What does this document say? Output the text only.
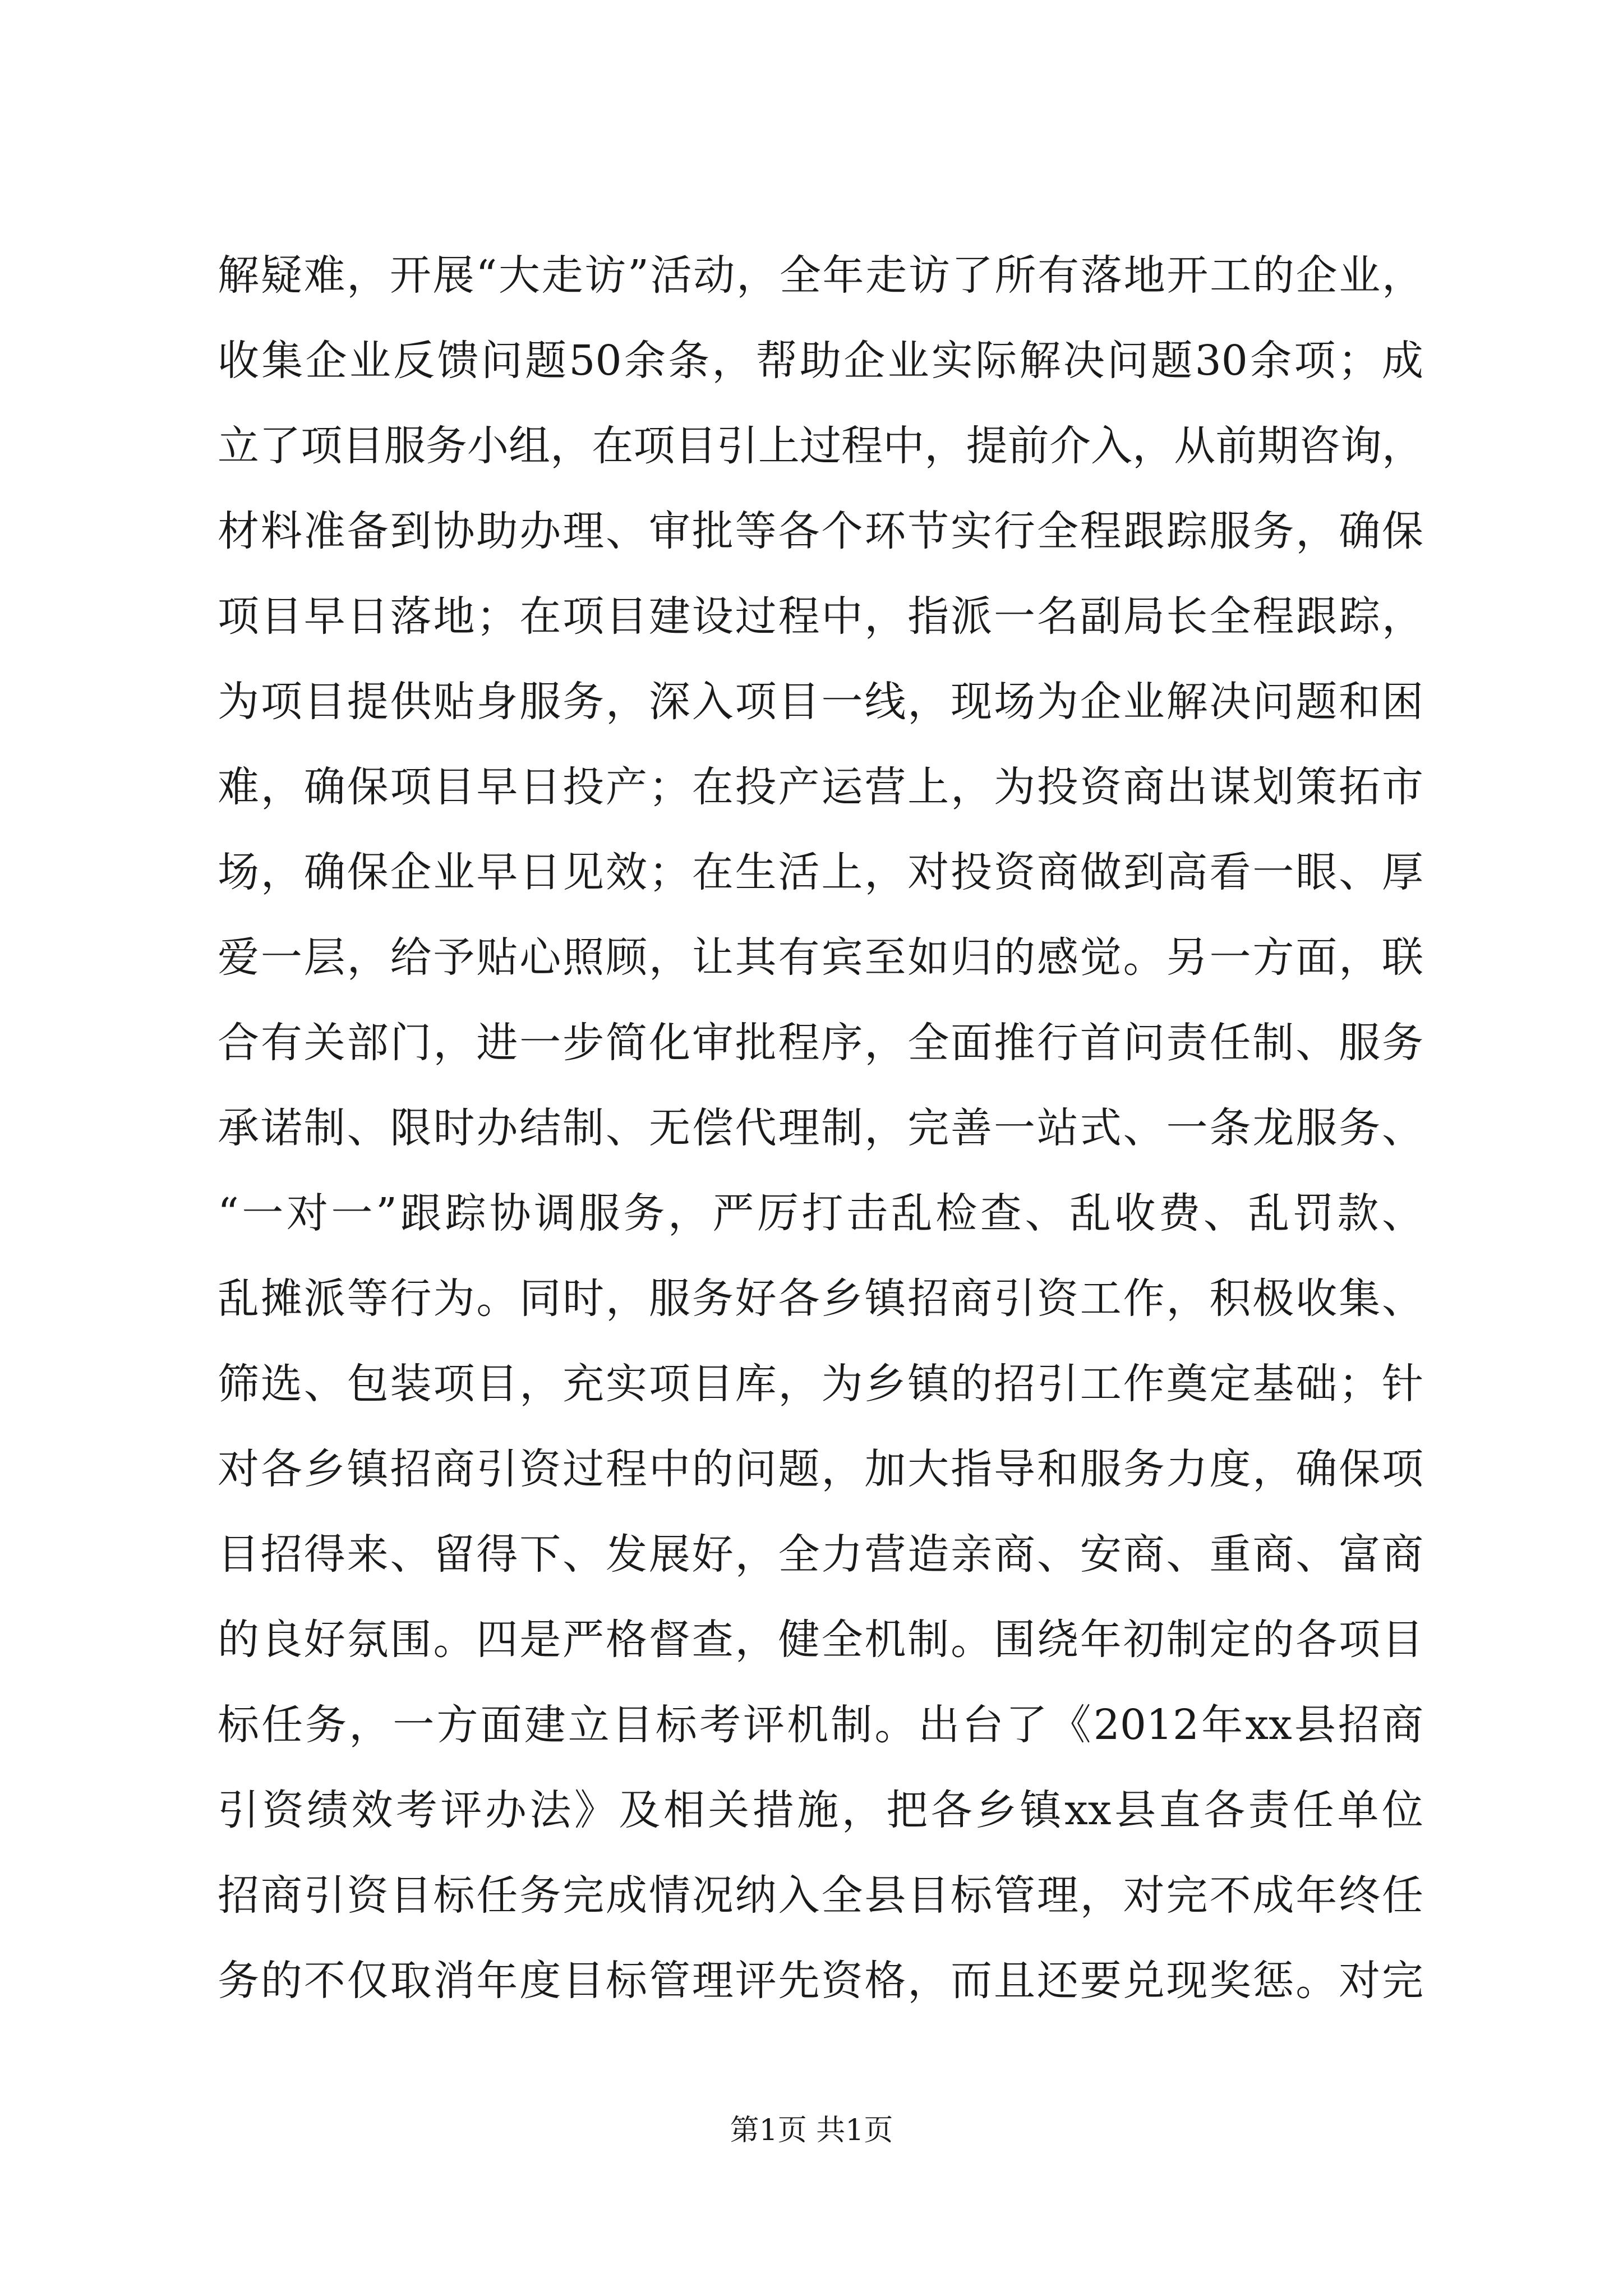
解疑难，开展“大走访”活动，全年走访了所有落地开工的企业，
收集企业反馈问题50余条，帮助企业实际解决问题30余项；成
立了项目服务小组，在项目引上过程中，提前介入，从前期咨询，
材料准备到协助办理、审批等各个环节实行全程跟踪服务，确保
项目早日落地；在项目建设过程中，指派一名副局长全程跟踪，
为项目提供贴身服务，深入项目一线，现场为企业解决问题和困
难，确保项目早日投产；在投产运营上，为投资商出谋划策拓市
场，确保企业早日见效；在生活上，对投资商做到高看一眼、厚
爱一层，给予贴心照顾，让其有宾至如归的感觉。另一方面，联
合有关部门，进一步简化审批程序，全面推行首问责任制、服务
承诺制、限时办结制、无偿代理制，完善一站式、一条龙服务、
“一对一”跟踪协调服务，严厉打击乱检查、乱收费、乱罚款、
乱摊派等行为。同时，服务好各乡镇招商引资工作，积极收集、
筛选、包装项目，充实项目库，为乡镇的招引工作奠定基础；针
对各乡镇招商引资过程中的问题，加大指导和服务力度，确保项
目招得来、留得下、发展好，全力营造亲商、安商、重商、富商
的良好氛围。四是严格督查，健全机制。围绕年初制定的各项目
标任务，一方面建立目标考评机制。出台了《2012年xx县招商
引资绩效考评办法》及相关措施，把各乡镇xx县直各责任单位
招商引资目标任务完成情况纳入全县目标管理，对完不成年终任
务的不仅取消年度目标管理评先资格，而且还要兑现奖惩。对完
第1页 共1页
